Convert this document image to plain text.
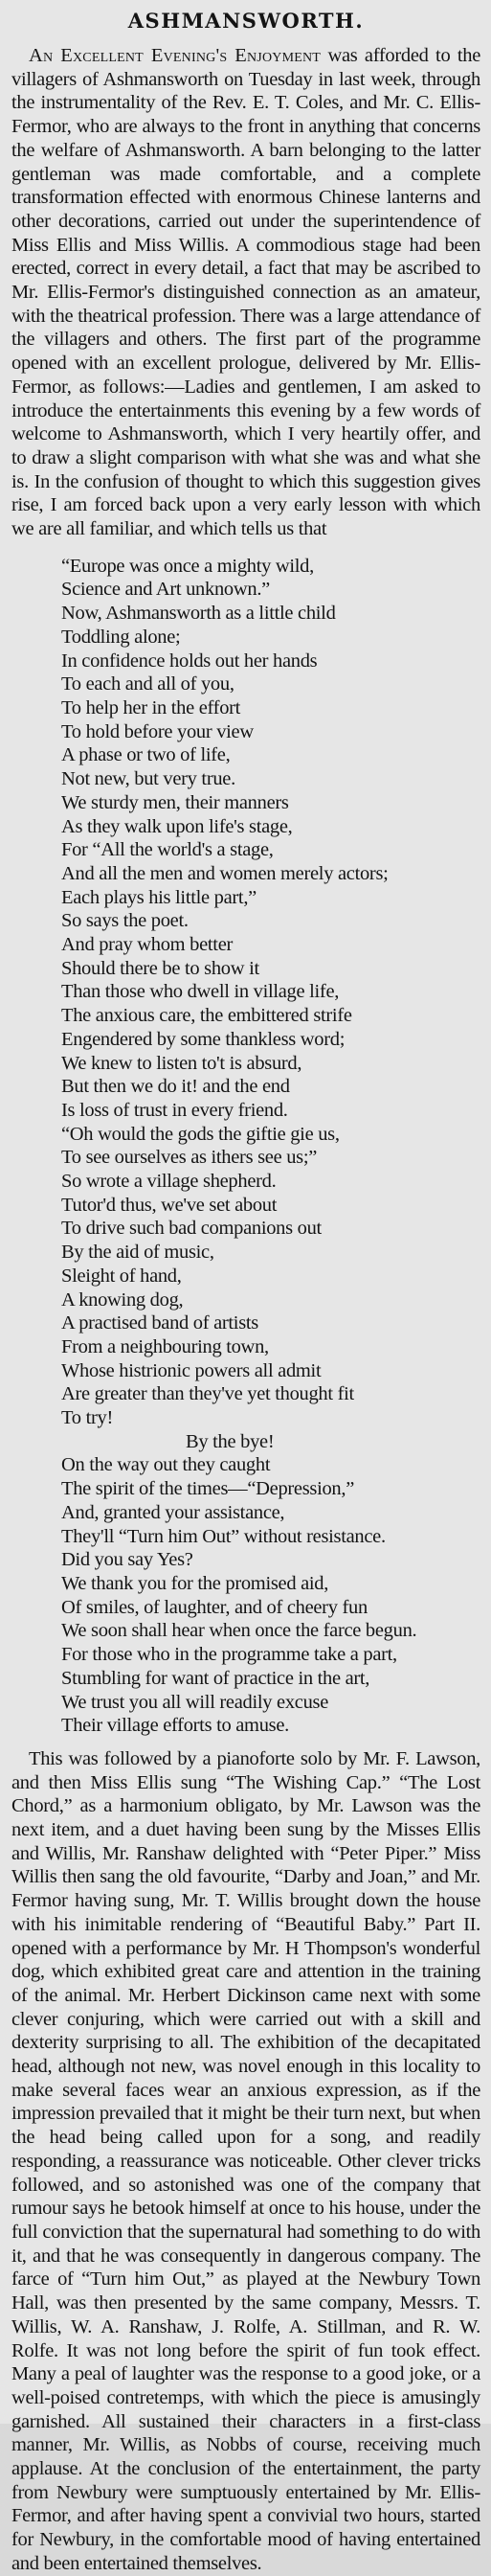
ASHMANSWORTH.

An Excellent Evening's Enjoyment was afforded to the villagers of Ashmansworth on Tuesday in last week, through the instrumentality of the Rev. E. T. Coles, and Mr. C. Ellis-Fermor, who are always to the front in anything that concerns the welfare of Ashmansworth. A barn belonging to the latter gentleman was made comfortable, and a complete transformation effected with enormous Chinese lanterns and other decorations, carried out under the superintendence of Miss Ellis and Miss Willis. A commodious stage had been erected, correct in every detail, a fact that may be ascribed to Mr. Ellis-Fermor's distinguished connection as an amateur, with the theatrical profession. There was a large attendance of the villagers and others. The first part of the programme opened with an excellent prologue, delivered by Mr. Ellis-Fermor, as follows:—Ladies and gentlemen, I am asked to introduce the entertainments this evening by a few words of welcome to Ashmansworth, which I very heartily offer, and to draw a slight comparison with what she was and what she is. In the confusion of thought to which this suggestion gives rise, I am forced back upon a very early lesson with which we are all familiar, and which tells us that

“Europe was once a mighty wild,
Science and Art unknown.”
Now, Ashmansworth as a little child
Toddling alone;
In confidence holds out her hands
To each and all of you,
To help her in the effort
To hold before your view
A phase or two of life,
Not new, but very true.
We sturdy men, their manners
As they walk upon life's stage,
For “All the world's a stage,
And all the men and women merely actors;
Each plays his little part,”
So says the poet.
And pray whom better
Should there be to show it
Than those who dwell in village life,
The anxious care, the embittered strife
Engendered by some thankless word;
We knew to listen to't is absurd,
But then we do it! and the end
Is loss of trust in every friend.
“Oh would the gods the giftie gie us,
To see ourselves as ithers see us;”
So wrote a village shepherd.
Tutor'd thus, we've set about
To drive such bad companions out
By the aid of music,
Sleight of hand,
A knowing dog,
A practised band of artists
From a neighbouring town,
Whose histrionic powers all admit
Are greater than they've yet thought fit
To try!
By the bye!
On the way out they caught
The spirit of the times—“Depression,”
And, granted your assistance,
They'll “Turn him Out” without resistance.
Did you say Yes?
We thank you for the promised aid,
Of smiles, of laughter, and of cheery fun
We soon shall hear when once the farce begun.
For those who in the programme take a part,
Stumbling for want of practice in the art,
We trust you all will readily excuse
Their village efforts to amuse.

This was followed by a pianoforte solo by Mr. F. Lawson, and then Miss Ellis sung “The Wishing Cap.” “The Lost Chord,” as a harmonium obligato, by Mr. Lawson was the next item, and a duet having been sung by the Misses Ellis and Willis, Mr. Ranshaw delighted with “Peter Piper.” Miss Willis then sang the old favourite, “Darby and Joan,” and Mr. Fermor having sung, Mr. T. Willis brought down the house with his inimitable rendering of “Beautiful Baby.” Part II. opened with a performance by Mr. H Thompson's wonderful dog, which exhibited great care and attention in the training of the animal. Mr. Herbert Dickinson came next with some clever conjuring, which were carried out with a skill and dexterity surprising to all. The exhibition of the decapitated head, although not new, was novel enough in this locality to make several faces wear an anxious expression, as if the impression prevailed that it might be their turn next, but when the head being called upon for a song, and readily responding, a reassurance was noticeable. Other clever tricks followed, and so astonished was one of the company that rumour says he betook himself at once to his house, under the full conviction that the supernatural had something to do with it, and that he was consequently in dangerous company. The farce of “Turn him Out,” as played at the Newbury Town Hall, was then presented by the same company, Messrs. T. Willis, W. A. Ranshaw, J. Rolfe, A. Stillman, and R. W. Rolfe. It was not long before the spirit of fun took effect. Many a peal of laughter was the response to a good joke, or a well-poised contretemps, with which the piece is amusingly garnished. All sustained their characters in a first-class manner, Mr. Willis, as Nobbs of course, receiving much applause. At the conclusion of the entertainment, the party from Newbury were sumptuously entertained by Mr. Ellis-Fermor, and after having spent a convivial two hours, started for Newbury, in the comfortable mood of having entertained and been entertained themselves.
